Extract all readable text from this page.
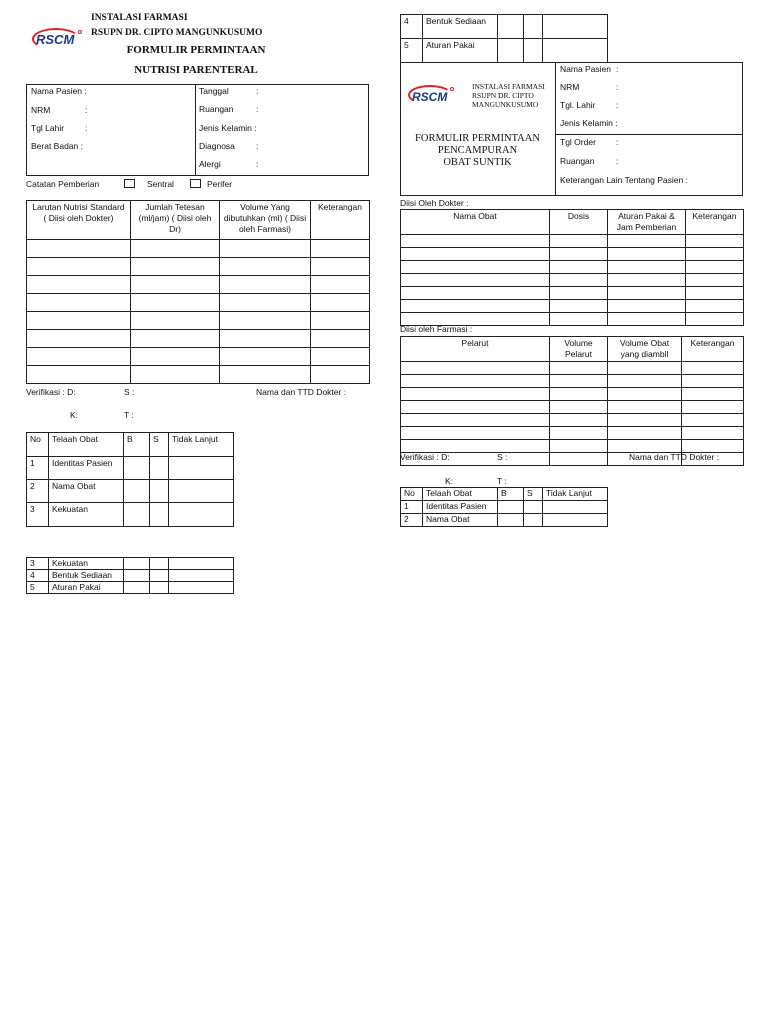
RSCM
INSTALASI FARMASI
RSUPN DR. CIPTO MANGUNKUSUMO
FORMULIR PERMINTAAN
NUTRISI PARENTERAL
Nama Pasien :
NRM	:
Tgl Lahir :
Berat Badan :
Tanggal	:
Ruangan	:
Jenis Kelamin :
Diagnosa :
Alergi	:
Catatan Pemberian	Sentral	Perifer
Larutan Nutrisi Standard ( Diisi oleh Dokter)	Jumlah Tetesan (ml/jam) ( Diisi oleh Dr)	Volume Yang dibutuhkan (ml) ( Diisi oleh Farmasi)	Keterangan

Verifikasi : D:	S :	Nama dan TTD Dokter :
K:	T :
No	Telaah Obat	B	S	Tidak Lanjut
1	Identitas Pasien			
2	Nama Obat			
3	Kekuatan			
3	Kekuatan			
4	Bentuk Sediaan			
5	Aturan Pakai			
4	Bentuk Sediaan			
5	Aturan Pakai			
RSCM
INSTALASI FARMASI
RSUPN DR. CIPTO
MANGUNKUSUMO
FORMULIR PERMINTAAN
PENCAMPURAN
OBAT SUNTIK
Nama Pasien :
NRM	:
Tgl. Lahir :
Jenis Kelamin :
Tgl Order :
Ruangan	:
Keterangan Lain Tentang Pasien :
Diisi Oleh Dokter :
Nama Obat	Dosis	Aturan Pakai & Jam Pemberian	Keterangan

Diisi oleh Farmasi :
Pelarut	Volume Pelarut	Volume Obat yang diambil	Keterangan

Verifikasi : D:	S :	Nama dan TTD Dokter :
K:	T :
No	Telaah Obat	B	S	Tidak Lanjut
1	Identitas Pasien			
2	Nama Obat			
